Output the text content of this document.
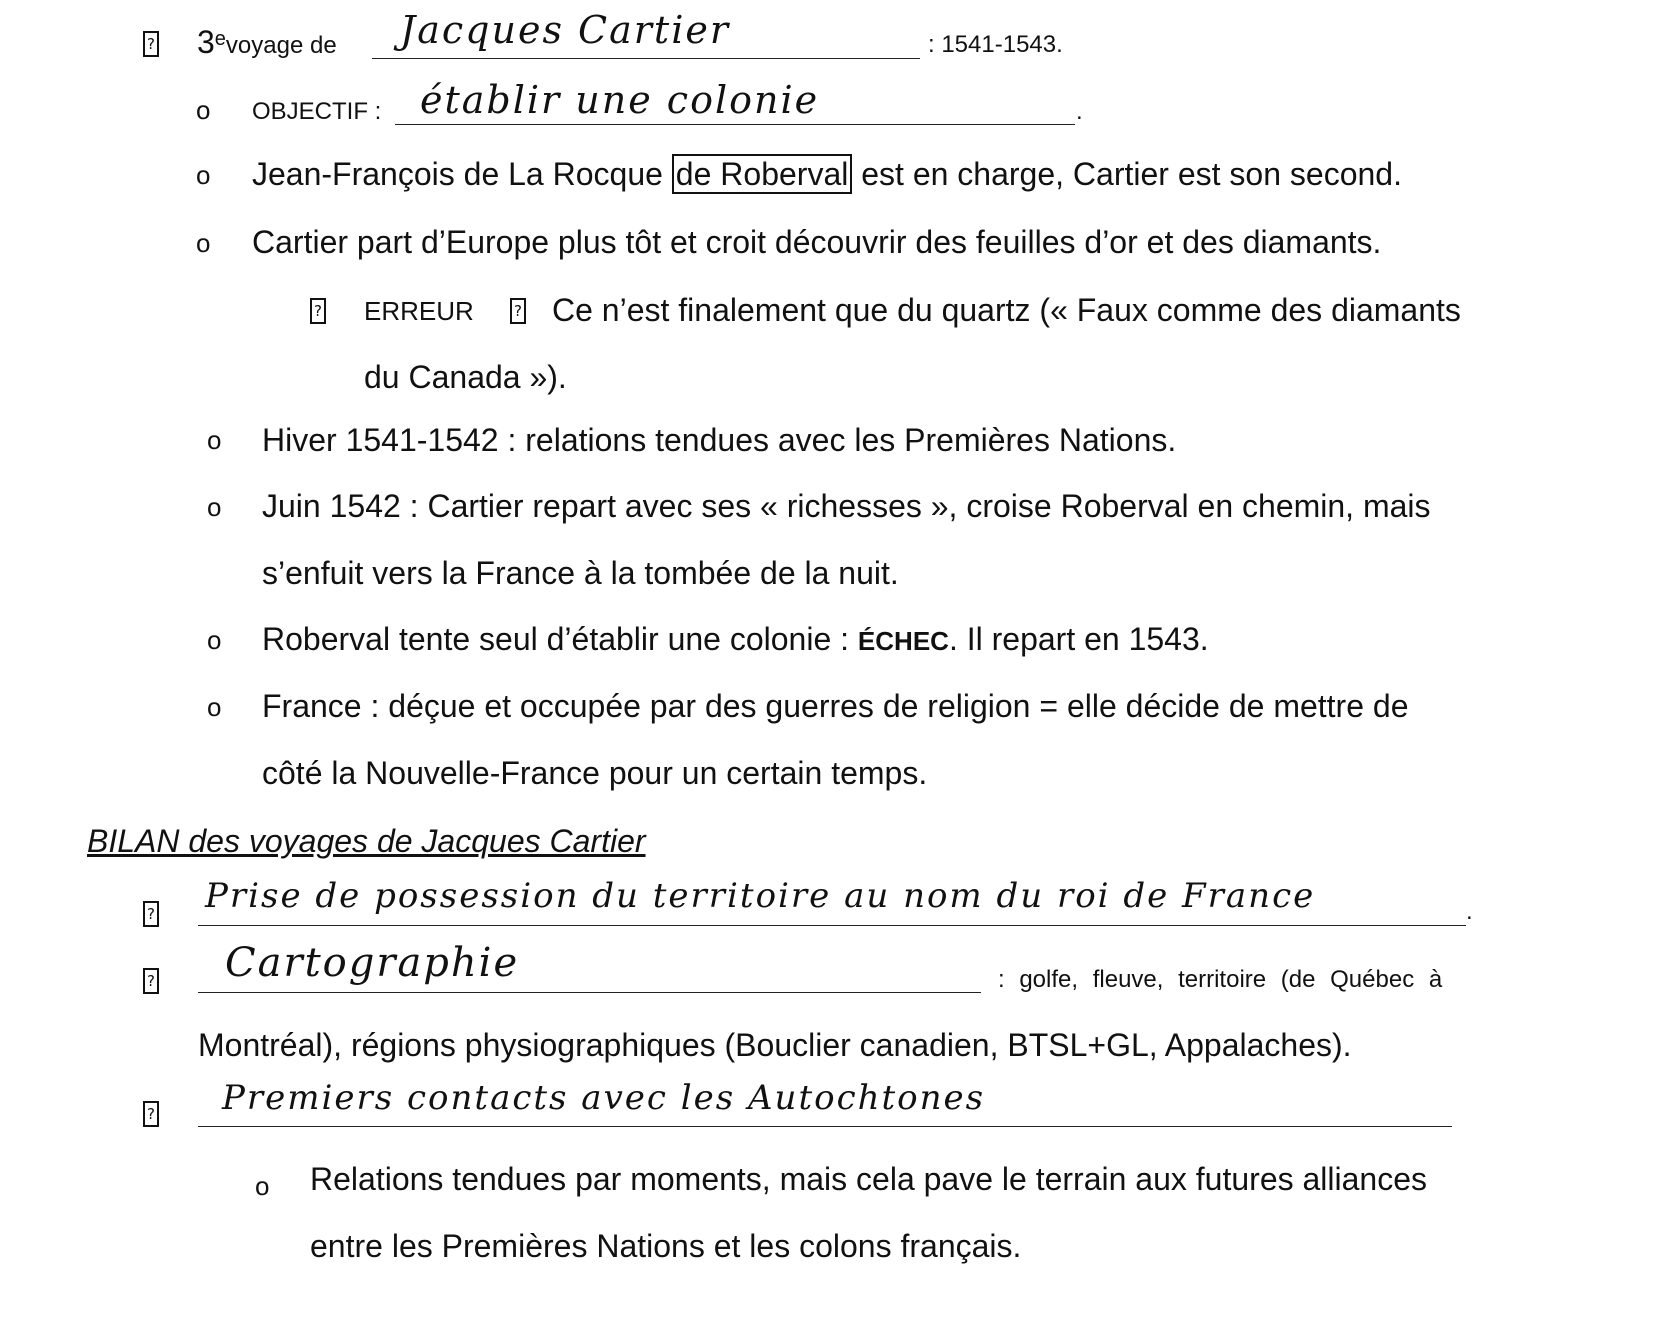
? 3evoyage de Jacques Cartier	: 1541-1543.
o OBJECTIF : établir une colonie	.
o Jean-François de La Rocque de Roberval est en charge, Cartier est son second.
o Cartier part d’Europe plus tôt et croit découvrir des feuilles d’or et des diamants.
? ERREUR	? Ce n’est finalement que du quartz (« Faux comme des diamants
du Canada »).
o Hiver 1541-1542 : relations tendues avec les Premières Nations.
o Juin 1542 : Cartier repart avec ses « richesses », croise Roberval en chemin, mais
s’enfuit vers la France à la tombée de la nuit.
o Roberval tente seul d’établir une colonie : ÉCHEC. Il repart en 1543.
o France : déçue et occupée par des guerres de religion = elle décide de mettre de
côté la Nouvelle-France pour un certain temps.
BILAN des voyages de Jacques Cartier
? Prise de possession du territoire au nom du roi de France	.
? Cartographie	: golfe, fleuve, territoire (de Québec à
Montréal), régions physiographiques (Bouclier canadien, BTSL+GL, Appalaches).
? Premiers contacts avec les Autochtones
o Relations tendues par moments, mais cela pave le terrain aux futures alliances
entre les Premières Nations et les colons français.
